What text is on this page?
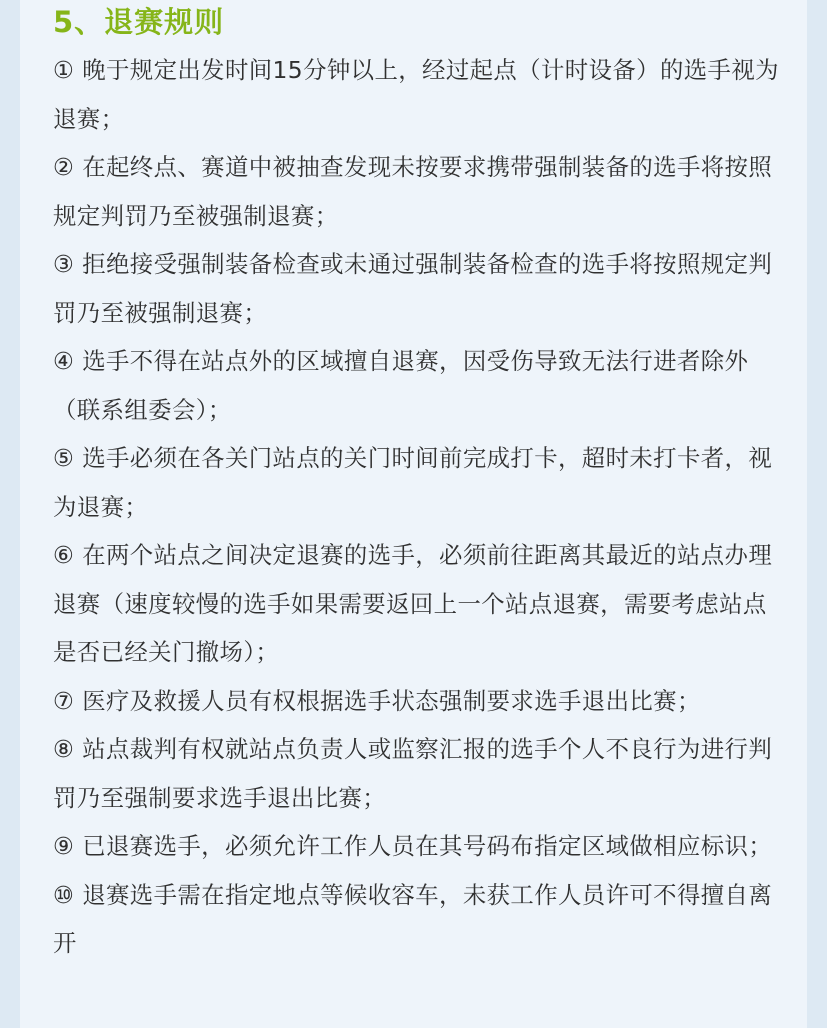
5、退赛规则
① 晚于规定出发时间15分钟以上，经过起点（计时设备）的选手视为退赛；
② 在起终点、赛道中被抽查发现未按要求携带强制装备的选手将按照规定判罚乃至被强制退赛；
③ 拒绝接受强制装备检查或未通过强制装备检查的选手将按照规定判罚乃至被强制退赛；
④ 选手不得在站点外的区域擅自退赛，因受伤导致无法行进者除外（联系组委会）；
⑤ 选手必须在各关门站点的关门时间前完成打卡，超时未打卡者，视为退赛；
⑥ 在两个站点之间决定退赛的选手，必须前往距离其最近的站点办理退赛（速度较慢的选手如果需要返回上一个站点退赛，需要考虑站点是否已经关门撤场）；
⑦ 医疗及救援人员有权根据选手状态强制要求选手退出比赛；
⑧ 站点裁判有权就站点负责人或监察汇报的选手个人不良行为进行判罚乃至强制要求选手退出比赛；
⑨ 已退赛选手，必须允许工作人员在其号码布指定区域做相应标识；
⑩ 退赛选手需在指定地点等候收容车，未获工作人员许可不得擅自离开
